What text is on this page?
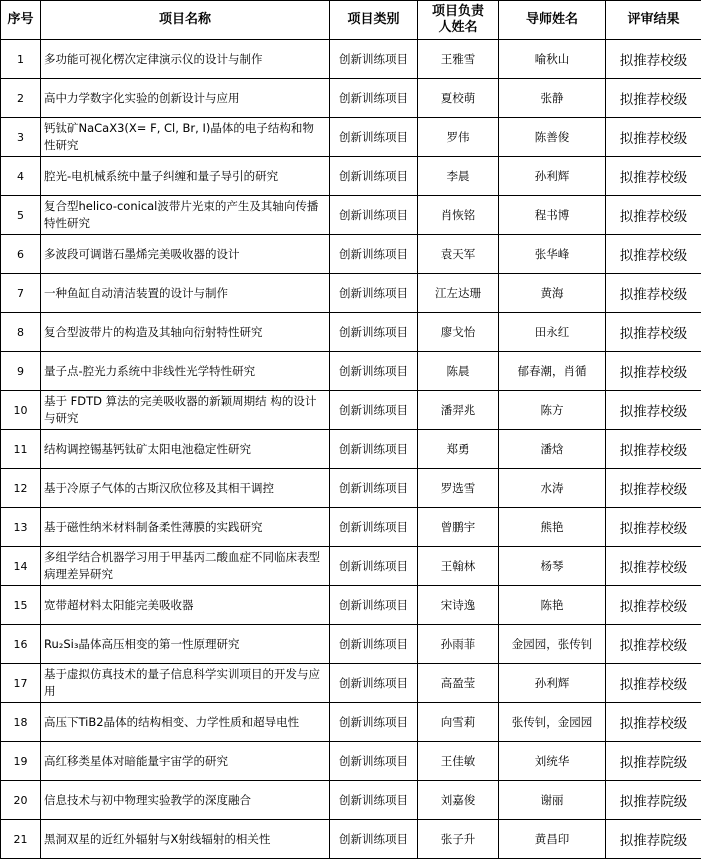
序号	项目名称	项目类别	项目负责人姓名	导师姓名	评审结果
1	多功能可视化楞次定律演示仪的设计与制作	创新训练项目	王雅雪	喻秋山	拟推荐校级
2	高中力学数字化实验的创新设计与应用	创新训练项目	夏校萌	张静	拟推荐校级
3	钙钛矿NaCaX3(X= F, Cl, Br, I)晶体的电子结构和物性研究	创新训练项目	罗伟	陈善俊	拟推荐校级
4	腔光-电机械系统中量子纠缠和量子导引的研究	创新训练项目	李晨	孙利辉	拟推荐校级
5	复合型helico-conical波带片光束的产生及其轴向传播特性研究	创新训练项目	肖恢铭	程书博	拟推荐校级
6	多波段可调谐石墨烯完美吸收器的设计	创新训练项目	袁天军	张华峰	拟推荐校级
7	一种鱼缸自动清洁装置的设计与制作	创新训练项目	江左达珊	黄海	拟推荐校级
8	复合型波带片的构造及其轴向衍射特性研究	创新训练项目	廖戈怡	田永红	拟推荐校级
9	量子点-腔光力系统中非线性光学特性研究	创新训练项目	陈晨	郁春潮，肖循	拟推荐校级
10	基于 FDTD 算法的完美吸收器的新颖周期结 构的设计与研究	创新训练项目	潘羿兆	陈方	拟推荐校级
11	结构调控锡基钙钛矿太阳电池稳定性研究	创新训练项目	郑勇	潘焓	拟推荐校级
12	基于冷原子气体的古斯汉欣位移及其相干调控	创新训练项目	罗选雪	水涛	拟推荐校级
13	基于磁性纳米材料制备柔性薄膜的实践研究	创新训练项目	曾鹏宇	熊艳	拟推荐校级
14	多组学结合机器学习用于甲基丙二酸血症不同临床表型病理差异研究	创新训练项目	王翰林	杨琴	拟推荐校级
15	宽带超材料太阳能完美吸收器	创新训练项目	宋诗逸	陈艳	拟推荐校级
16	Ru₂Si₃晶体高压相变的第一性原理研究	创新训练项目	孙雨菲	金园园，张传钊	拟推荐校级
17	基于虚拟仿真技术的量子信息科学实训项目的开发与应用	创新训练项目	高盈莹	孙利辉	拟推荐校级
18	高压下TiB2晶体的结构相变、力学性质和超导电性	创新训练项目	向雪莉	张传钊，金园园	拟推荐校级
19	高红移类星体对暗能量宇宙学的研究	创新训练项目	王佳敏	刘统华	拟推荐院级
20	信息技术与初中物理实验教学的深度融合	创新训练项目	刘嘉俊	谢丽	拟推荐院级
21	黑洞双星的近红外辐射与X射线辐射的相关性	创新训练项目	张子升	黄昌印	拟推荐院级
